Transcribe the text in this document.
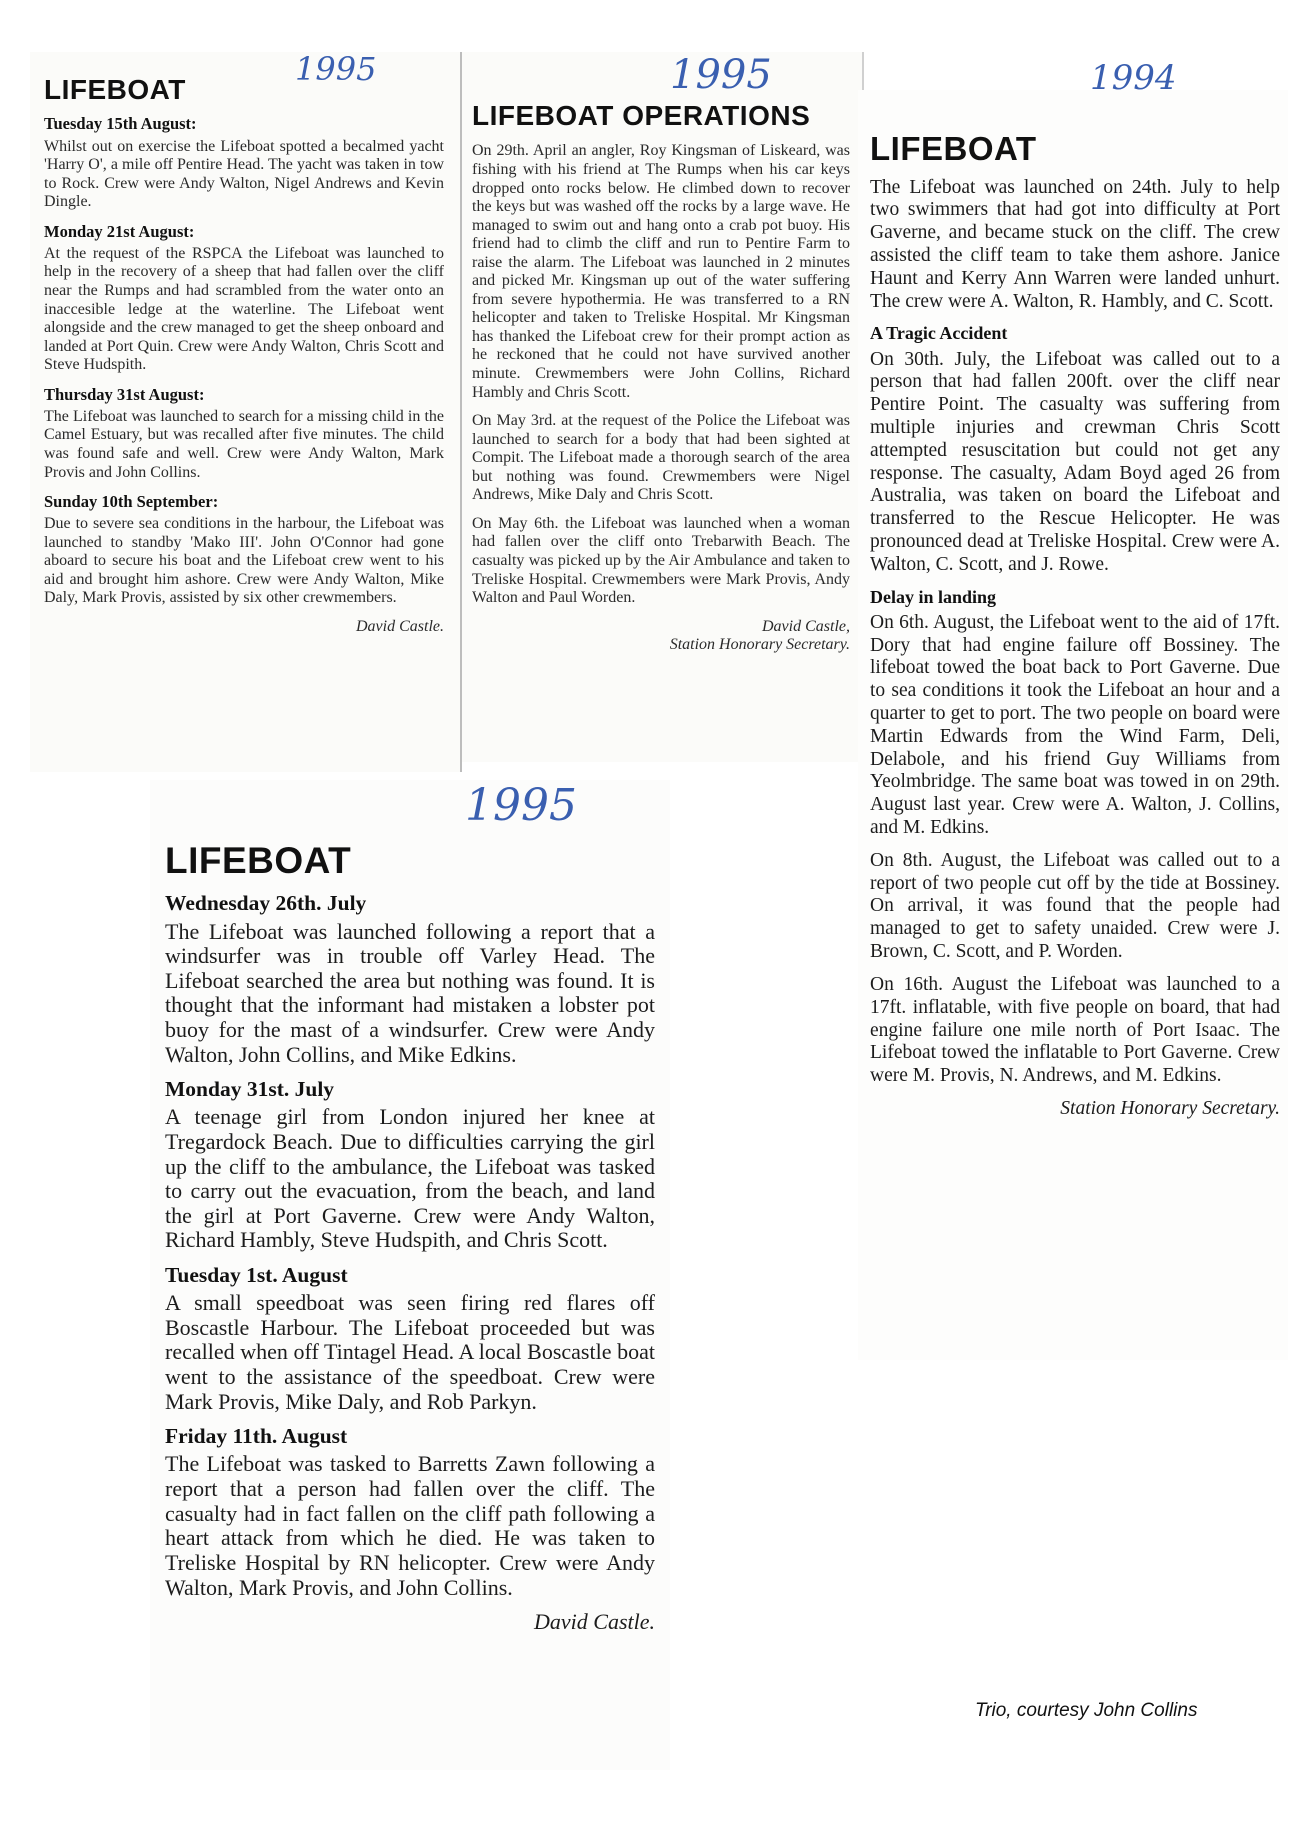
LIFEBOAT
Tuesday 15th August:

Whilst out on exercise the Lifeboat spotted a becalmed yacht 'Harry O', a mile off Pentire Head. The yacht was taken in tow to Rock. Crew were Andy Walton, Nigel Andrews and Kevin Dingle.

Monday 21st August:

At the request of the RSPCA the Lifeboat was launched to help in the recovery of a sheep that had fallen over the cliff near the Rumps and had scrambled from the water onto an inaccesible ledge at the waterline. The Lifeboat went alongside and the crew managed to get the sheep onboard and landed at Port Quin. Crew were Andy Walton, Chris Scott and Steve Hudspith.

Thursday 31st August:

The Lifeboat was launched to search for a missing child in the Camel Estuary, but was recalled after five minutes. The child was found safe and well. Crew were Andy Walton, Mark Provis and John Collins.

Sunday 10th September:

Due to severe sea conditions in the harbour, the Lifeboat was launched to standby 'Mako III'. John O'Connor had gone aboard to secure his boat and the Lifeboat crew went to his aid and brought him ashore. Crew were Andy Walton, Mike Daly, Mark Provis, assisted by six other crewmembers.

David Castle.
1995
LIFEBOAT OPERATIONS

On 29th. April an angler, Roy Kingsman of Liskeard, was fishing with his friend at The Rumps when his car keys dropped onto rocks below. He climbed down to recover the keys but was washed off the rocks by a large wave. He managed to swim out and hang onto a crab pot buoy. His friend had to climb the cliff and run to Pentire Farm to raise the alarm. The Lifeboat was launched in 2 minutes and picked Mr. Kingsman up out of the water suffering from severe hypothermia. He was transferred to a RN helicopter and taken to Treliske Hospital. Mr Kingsman has thanked the Lifeboat crew for their prompt action as he reckoned that he could not have survived another minute. Crewmembers were John Collins, Richard Hambly and Chris Scott.

On May 3rd. at the request of the Police the Lifeboat was launched to search for a body that had been sighted at Compit. The Lifeboat made a thorough search of the area but nothing was found. Crewmembers were Nigel Andrews, Mike Daly and Chris Scott.

On May 6th. the Lifeboat was launched when a woman had fallen over the cliff onto Trebarwith Beach. The casualty was picked up by the Air Ambulance and taken to Treliske Hospital. Crewmembers were Mark Provis, Andy Walton and Paul Worden.

David Castle,
Station Honorary Secretary.
1995
LIFEBOAT

The Lifeboat was launched on 24th. July to help two swimmers that had got into difficulty at Port Gaverne, and became stuck on the cliff. The crew assisted the cliff team to take them ashore. Janice Haunt and Kerry Ann Warren were landed unhurt. The crew were A. Walton, R. Hambly, and C. Scott.

A Tragic Accident

On 30th. July, the Lifeboat was called out to a person that had fallen 200ft. over the cliff near Pentire Point. The casualty was suffering from multiple injuries and crewman Chris Scott attempted resuscitation but could not get any response. The casualty, Adam Boyd aged 26 from Australia, was taken on board the Lifeboat and transferred to the Rescue Helicopter. He was pronounced dead at Treliske Hospital. Crew were A. Walton, C. Scott, and J. Rowe.

Delay in landing

On 6th. August, the Lifeboat went to the aid of 17ft. Dory that had engine failure off Bossiney. The lifeboat towed the boat back to Port Gaverne. Due to sea conditions it took the Lifeboat an hour and a quarter to get to port. The two people on board were Martin Edwards from the Wind Farm, Deli, Delabole, and his friend Guy Williams from Yeolmbridge. The same boat was towed in on 29th. August last year. Crew were A. Walton, J. Collins, and M. Edkins.

On 8th. August, the Lifeboat was called out to a report of two people cut off by the tide at Bossiney. On arrival, it was found that the people had managed to get to safety unaided. Crew were J. Brown, C. Scott, and P. Worden.

On 16th. August the Lifeboat was launched to a 17ft. inflatable, with five people on board, that had engine failure one mile north of Port Isaac. The Lifeboat towed the inflatable to Port Gaverne. Crew were M. Provis, N. Andrews, and M. Edkins.

Station Honorary Secretary.
1994
LIFEBOAT
Wednesday 26th. July

The Lifeboat was launched following a report that a windsurfer was in trouble off Varley Head. The Lifeboat searched the area but nothing was found. It is thought that the informant had mistaken a lobster pot buoy for the mast of a windsurfer. Crew were Andy Walton, John Collins, and Mike Edkins.

Monday 31st. July

A teenage girl from London injured her knee at Tregardock Beach. Due to difficulties carrying the girl up the cliff to the ambulance, the Lifeboat was tasked to carry out the evacuation, from the beach, and land the girl at Port Gaverne. Crew were Andy Walton, Richard Hambly, Steve Hudspith, and Chris Scott.

Tuesday 1st. August

A small speedboat was seen firing red flares off Boscastle Harbour. The Lifeboat proceeded but was recalled when off Tintagel Head. A local Boscastle boat went to the assistance of the speedboat. Crew were Mark Provis, Mike Daly, and Rob Parkyn.

Friday 11th. August

The Lifeboat was tasked to Barretts Zawn following a report that a person had fallen over the cliff. The casualty had in fact fallen on the cliff path following a heart attack from which he died. He was taken to Treliske Hospital by RN helicopter. Crew were Andy Walton, Mark Provis, and John Collins.

David Castle.
1995
Trio, courtesy John Collins
